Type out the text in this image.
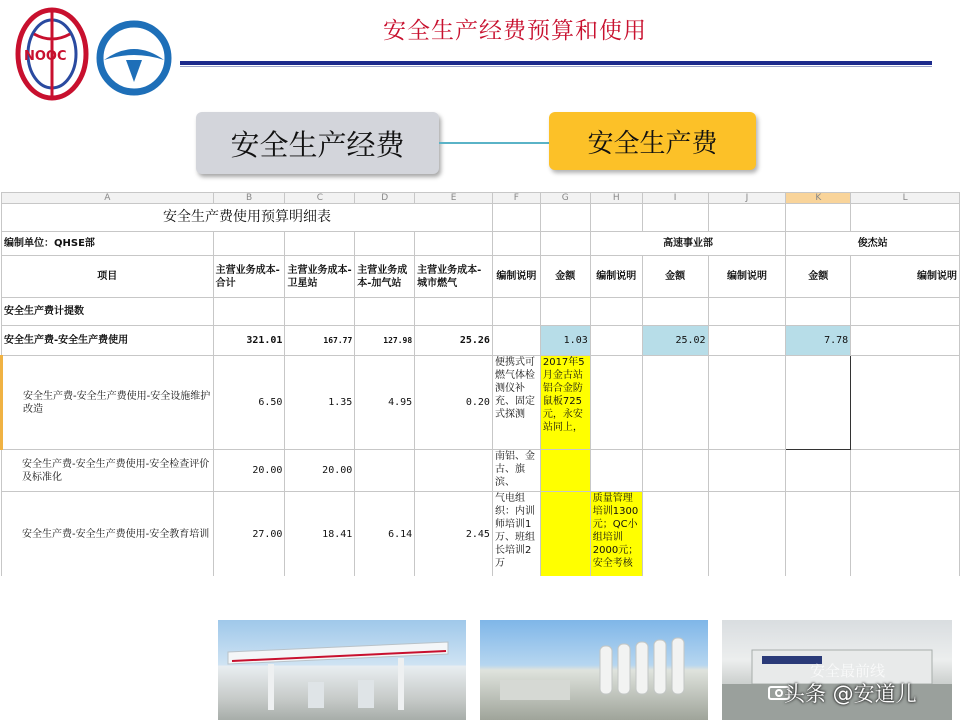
NOOC
安全生产经费预算和使用
安全生产经费	安全生产费
A	B	C	D	E	F	G	H	I	J	K	L
安全生产费使用预算明细表											
编制单位：QHSE部							高速事业部			俊杰站	
项目	主营业务成本-合计	主营业务成本-卫星站	主营业务成本-加气站	主营业务成本-城市燃气	编制说明	金额	编制说明	金额	编制说明	金额	编制说明
安全生产费计提数											
安全生产费-安全生产费使用	321.01	167.77	127.98	25.26		1.03		25.02		7.78	
安全生产费-安全生产费使用-安全设施维护改造	6.50	1.35	4.95	0.20	便携式可燃气体检测仪补充、固定式探测	2017年5月金古站铝合金防鼠板725元，永安站同上，					
安全生产费-安全生产费使用-安全检查评价及标准化	20.00	20.00			南铝、金古、旗滨、						
安全生产费-安全生产费使用-安全教育培训	27.00	18.41	6.14	2.45	气电组织：内训师培训1万、班组长培训2万		质量管理培训1300元；QC小组培训2000元；安全考核				
安全最前线
头条 @安道儿
